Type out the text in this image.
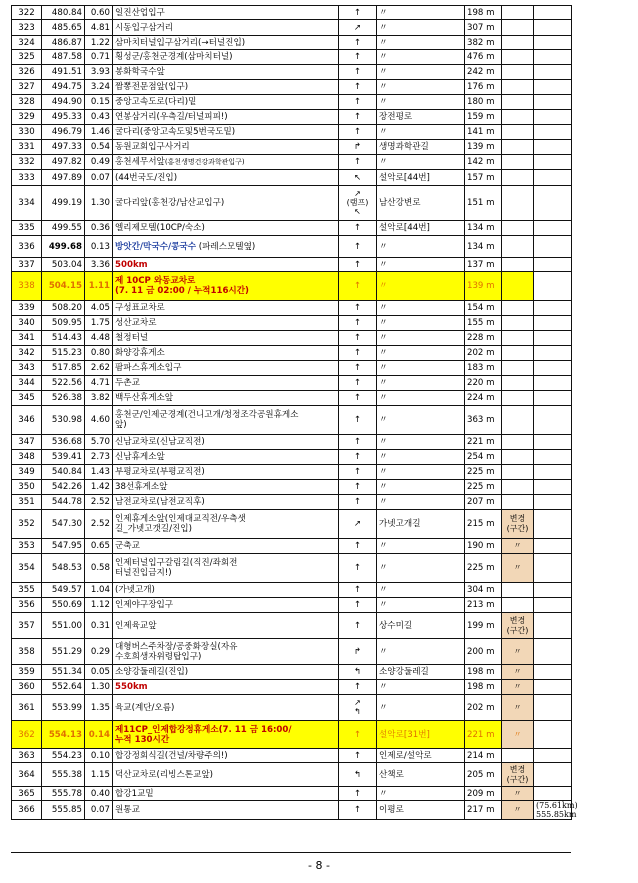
322	480.84	0.60	일진산업입구	↑	〃	198 m		
323	485.65	4.81	시동입구삼거리	↗	〃	307 m		
324	486.87	1.22	삼마치터널입구삼거리(→터널진입)	↑	〃	382 m		
325	487.58	0.71	횡성군/홍천군경계(삼마치터널)	↑	〃	476 m		
326	491.51	3.93	봉화학국수앞	↑	〃	242 m		
327	494.75	3.24	짬뽕전문점앞(입구)	↑	〃	176 m		
328	494.90	0.15	중앙고속도로(다리)밑	↑	〃	180 m		
329	495.33	0.43	연봉삼거리(우측길/터널피피!)	↑	장전평로	159 m		
330	496.79	1.46	굴다리(중앙고속도및5번국도밑)	↑	〃	141 m		
331	497.33	0.54	동원교회입구사거리	↱	생명과학관길	139 m		
332	497.82	0.49	홍천세무서앞(홍천생명건강과학관입구)	↑	〃	142 m		
333	497.89	0.07	(44번국도/진입)	↖	설악로[44번]	157 m		
334	499.19	1.30	굴다리앞(홍천강/남산교입구)	↗
(램프)
↖	남산강변로	151 m		
335	499.55	0.36	엘리제모텔(10CP/숙소)	↑	설악로[44번]	134 m		
336	499.68	0.13	방앗간/막국수/콩국수 (파레스모텔옆)	↑	〃	134 m		
337	503.04	3.36	500km	↑	〃	137 m		
338	504.15	1.11	제 10CP 와동교차로
(7. 11 금 02:00 / 누적116시간)	↑	〃	139 m		
339	508.20	4.05	구성표교차로	↑	〃	154 m		
340	509.95	1.75	성산교차로	↑	〃	155 m		
341	514.43	4.48	철정터널	↑	〃	228 m		
342	515.23	0.80	화양강휴게소	↑	〃	202 m		
343	517.85	2.62	팜파스휴게소입구	↑	〃	183 m		
344	522.56	4.71	두촌교	↑	〃	220 m		
345	526.38	3.82	백두산휴게소앞	↑	〃	224 m		
346	530.98	4.60	홍천군/인제군경계(건니고개/청정조각공원휴게소
앞)	↑	〃	363 m		
347	536.68	5.70	신남교차로(신남교직전)	↑	〃	221 m		
348	539.41	2.73	신남휴게소앞	↑	〃	254 m		
349	540.84	1.43	부평교차로(부평교직전)	↑	〃	225 m		
350	542.26	1.42	38선휴게소앞	↑	〃	225 m		
351	544.78	2.52	남전교차로(남전교직후)	↑	〃	207 m		
352	547.30	2.52	인제휴게소앞(인제대교직전/우측샛
길_가넷고갯길/진입)	↗	가넷고개길	215 m	변경
(구간)	

353	547.95	0.65	군축교	↑	〃	190 m	〃	
354	548.53	0.58	인제터널입구갈림길(직진/좌회전
터널진입금지!)	↑	〃	225 m	〃	
355	549.57	1.04	(가넷고개)	↑	〃	304 m		
356	550.69	1.12	인제야구장입구	↑	〃	213 m		
357	551.00	0.31	인제육교앞	↑	상수미길	199 m	변경
(구간)	

358	551.29	0.29	대형버스주차장/공중화장실(자유
수호희생자위령탑입구)	↱	〃	200 m	〃	
359	551.34	0.05	소양강둘레길(진입)	↰	소양강둘레길	198 m	〃	
360	552.64	1.30	550km	↑	〃	198 m	〃	
361	553.99	1.35	육교(계단/오름)	↗
↰	〃	202 m	〃	
362	554.13	0.14	제11CP_인제합강정휴게소(7. 11 금 16:00/
누적 130시간	↑	설악로[31번]	221 m	〃	
363	554.23	0.10	합강정회식길(건널/차량주의!)	↑	인제로/설악로	214 m		
364	555.38	1.15	덕산교차로(리빙스톤교앞)	↰	산책로	205 m	변경
(구간)	

365	555.78	0.40	합강1교밑	↑	〃	209 m	〃	
366	555.85	0.07	원통교	↑	이평로	217 m	〃	(75.61km)
555.85km
- 8 -
